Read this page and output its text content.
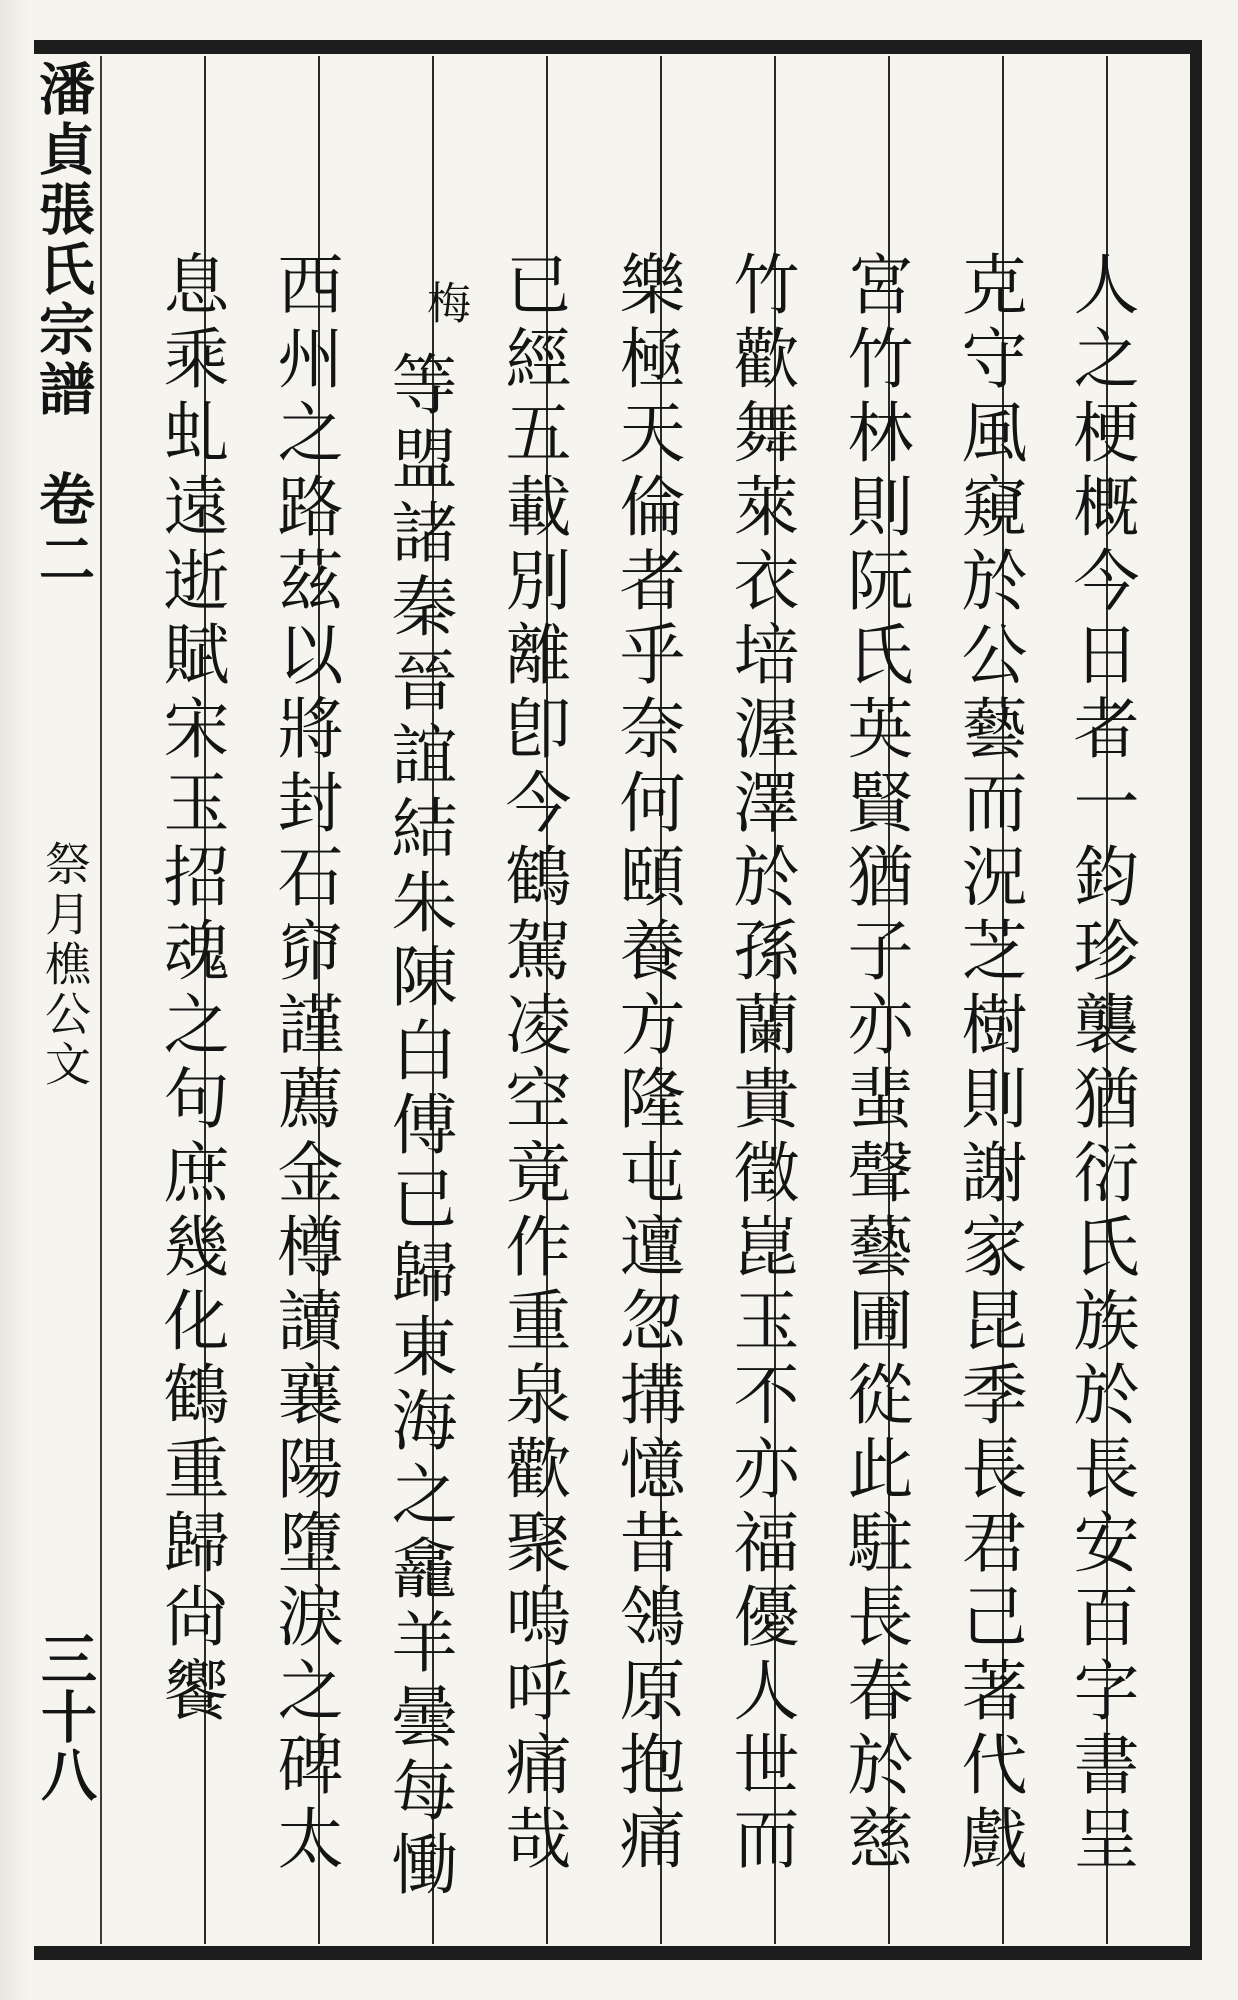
潘貞張氏宗譜
卷二
祭月樵公文
三十八	人之梗概今日者一鈞珍襲猶衍氏族於長安百字書呈
克守風窺於公藝而況芝樹則謝家昆季長君己著代戲
宮竹林則阮氏英賢猶子亦蜚聲藝圃從此駐長春於慈
竹歡舞萊衣培渥澤於孫蘭貴徵崑玉不亦福優人世而
樂極天倫者乎奈何頤養方隆屯邅忽搆憶昔鴒原抱痛
已經五載別離卽今鶴駕凌空竟作重泉歡聚嗚呼痛哉
等盟諸秦晉誼結朱陳白傅已歸東海之龕羊曇每慟
梅
西州之路茲以將封石窌謹薦金樽讀襄陽墮淚之碑太
息乘虬遠逝賦宋玉招魂之句庶幾化鶴重歸尙饗
